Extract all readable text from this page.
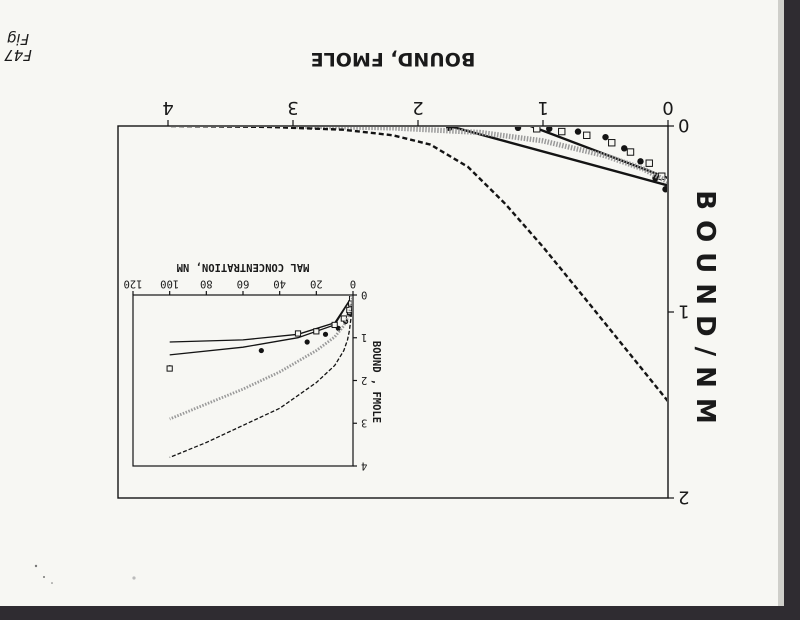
F47
Fig
0
1
2
3
4
0
1
2
BOUND, FMOLE
BOUND/NM
0
20
40
60
80
100
120
0
1
2
3
4
MAL CONCENTRATION, NM
BOUND , FMOLE
